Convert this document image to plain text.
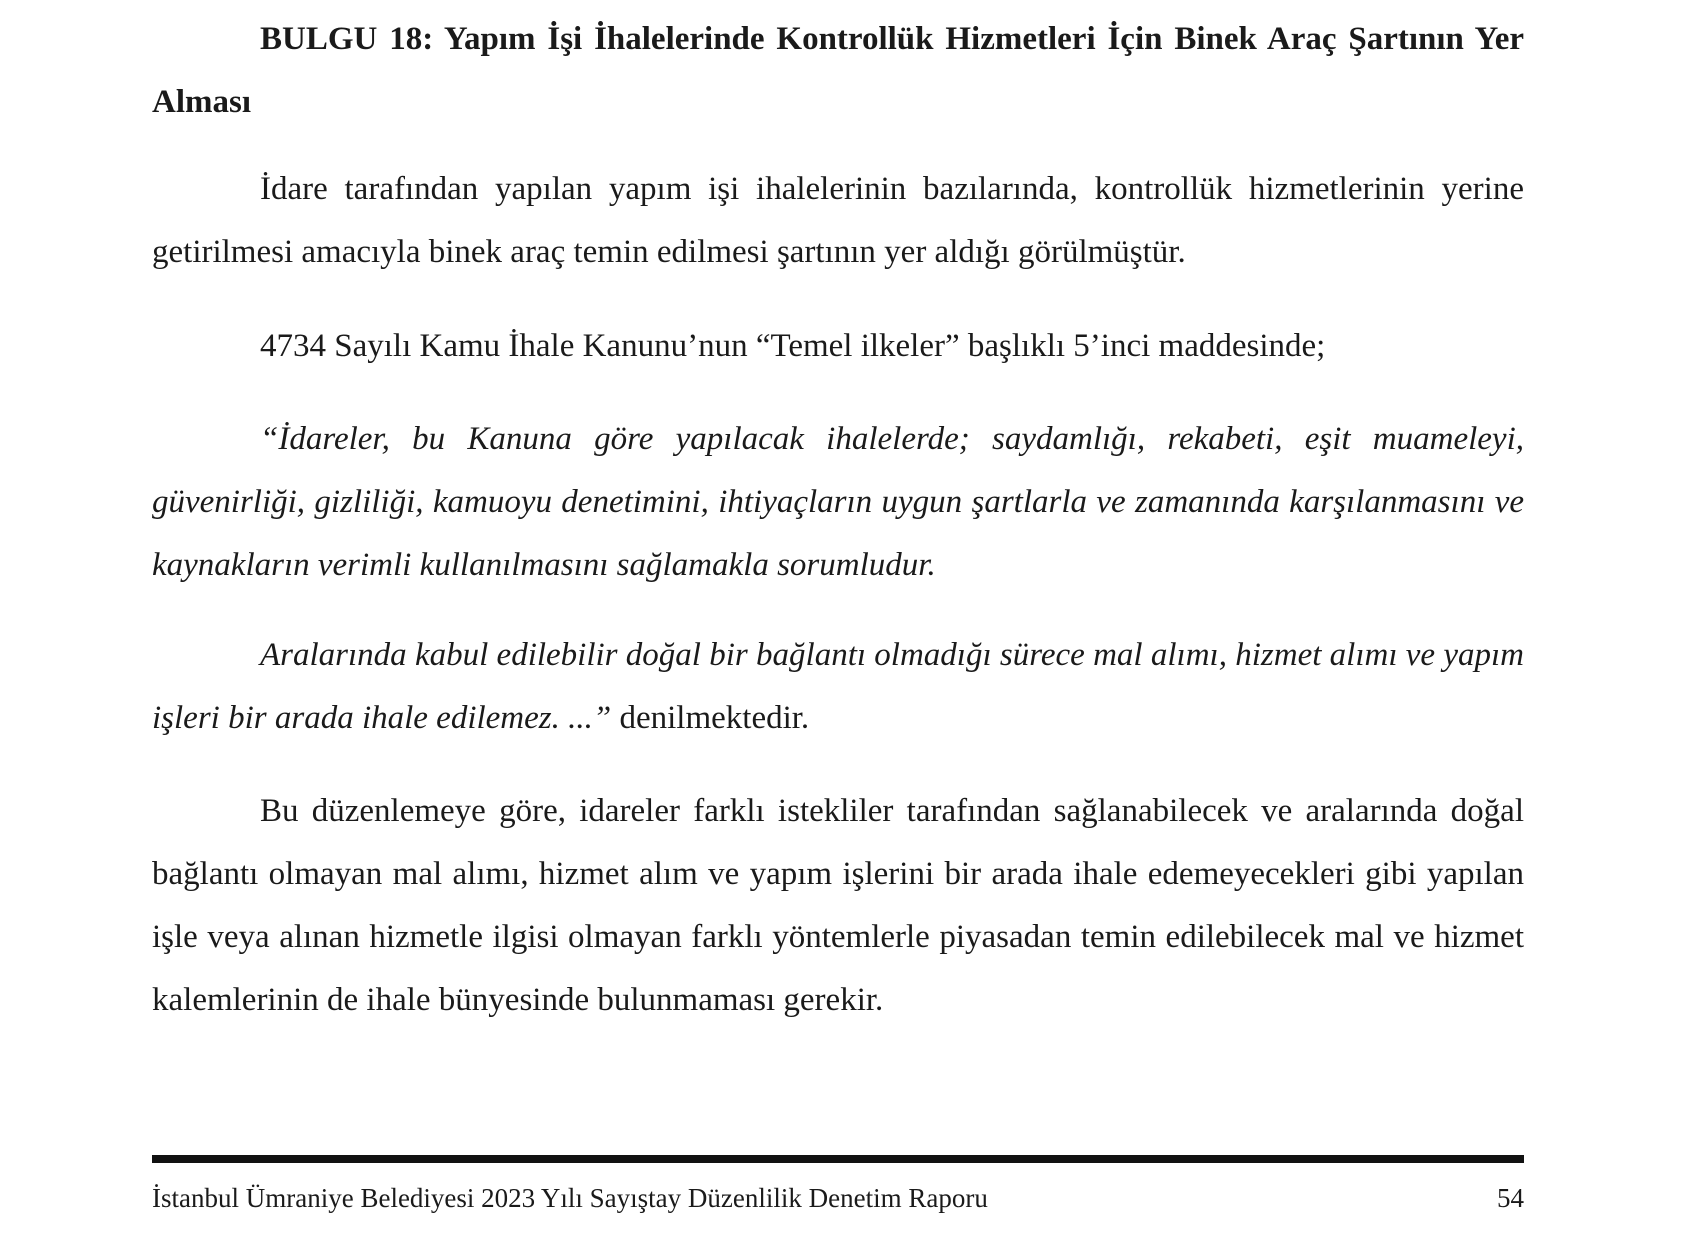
BULGU 18: Yapım İşi İhalelerinde Kontrollük Hizmetleri İçin Binek Araç Şartının Yer Alması

İdare tarafından yapılan yapım işi ihalelerinin bazılarında, kontrollük hizmetlerinin yerine getirilmesi amacıyla binek araç temin edilmesi şartının yer aldığı görülmüştür.

4734 Sayılı Kamu İhale Kanunu’nun “Temel ilkeler” başlıklı 5’inci maddesinde;

“İdareler, bu Kanuna göre yapılacak ihalelerde; saydamlığı, rekabeti, eşit muameleyi, güvenirliği, gizliliği, kamuoyu denetimini, ihtiyaçların uygun şartlarla ve zamanında karşılanmasını ve kaynakların verimli kullanılmasını sağlamakla sorumludur.

Aralarında kabul edilebilir doğal bir bağlantı olmadığı sürece mal alımı, hizmet alımı ve yapım işleri bir arada ihale edilemez. ...” denilmektedir.

Bu düzenlemeye göre, idareler farklı istekliler tarafından sağlanabilecek ve aralarında doğal bağlantı olmayan mal alımı, hizmet alım ve yapım işlerini bir arada ihale edemeyecekleri gibi yapılan işle veya alınan hizmetle ilgisi olmayan farklı yöntemlerle piyasadan temin edilebilecek mal ve hizmet kalemlerinin de ihale bünyesinde bulunmaması gerekir.

İstanbul Ümraniye Belediyesi 2023 Yılı Sayıştay Düzenlilik Denetim Raporu	54
